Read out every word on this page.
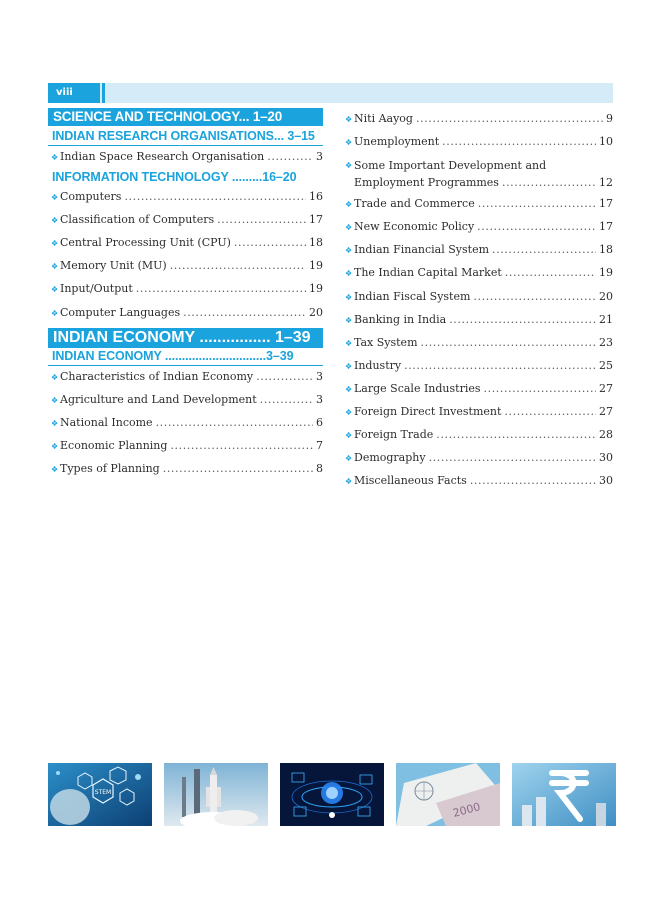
viii
SCIENCE AND TECHNOLOGY... 1–20
INDIAN RESEARCH ORGANISATIONS... 3–15
❖ Indian Space Research Organisation .....	3
INFORMATION TECHNOLOGY .........16–20
❖ Computers .....	16
❖ Classification of Computers .....	17
❖ Central Processing Unit (CPU) .....	18
❖ Memory Unit (MU) .....	19
❖ Input/Output .....	19
❖ Computer Languages .....	20
INDIAN ECONOMY ................ 1–39
INDIAN ECONOMY ..............................3–39
❖ Characteristics of Indian Economy .....	3
❖ Agriculture and Land Development .....	3
❖ National Income .....	6
❖ Economic Planning .....	7
❖ Types of Planning .....	8
❖ Niti Aayog .....	9
❖ Unemployment .....	10
❖ Some Important Development and
Employment Programmes .....	12
❖ Trade and Commerce .....	17
❖ New Economic Policy .....	17
❖ Indian Financial System .....	18
❖ The Indian Capital Market .....	19
❖ Indian Fiscal System .....	20
❖ Banking in India .....	21
❖ Tax System .....	23
❖ Industry .....	25
❖ Large Scale Industries .....	27
❖ Foreign Direct Investment .....	27
❖ Foreign Trade .....	28
❖ Demography .....	30
❖ Miscellaneous Facts .....	30
STEM
2000
